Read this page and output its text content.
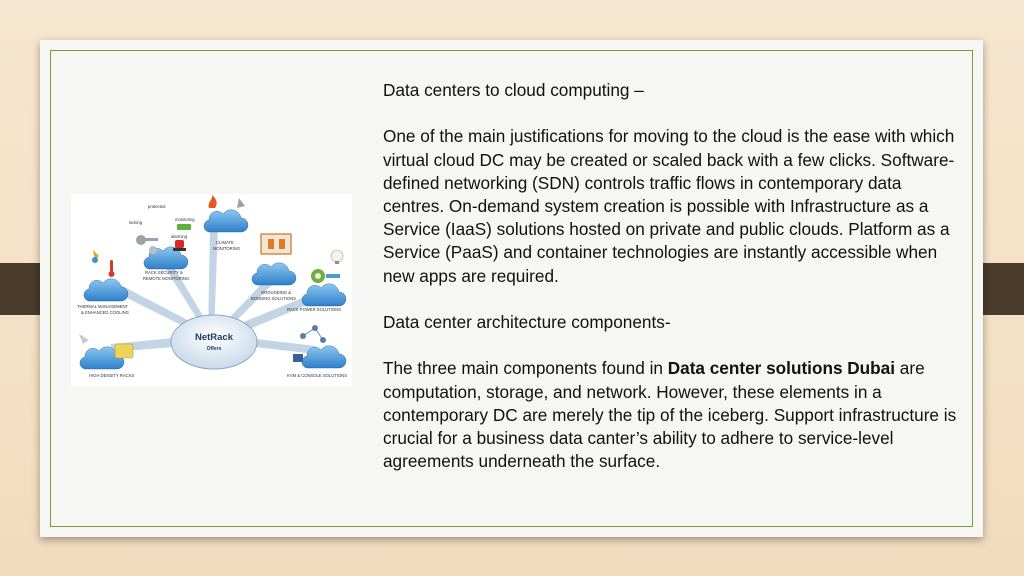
NetRack
Offers
RACK SECURITY &
REMOTE MONITORING
CLIMATE
MONITORING
GROUNDING &
BONDING SOLUTIONS
THERMAL MANAGEMENT
& ENHANCED COOLING
RACK POWER SOLUTIONS
HIGH DENSITY RACKS	KVM & CONSOLE SOLUTIONS
protected
locking
monitoring
alarming

Data centers to cloud computing –

One of the main justifications for moving to the cloud is the ease with which virtual cloud DC may be created or scaled back with a few clicks. Software-defined networking (SDN) controls traffic flows in contemporary data centres. On-demand system creation is possible with Infrastructure as a Service (IaaS) solutions hosted on private and public clouds. Platform as a Service (PaaS) and container technologies are instantly accessible when new apps are required.

Data center architecture components-

The three main components found in Data center solutions Dubai are computation, storage, and network. However, these elements in a contemporary DC are merely the tip of the iceberg. Support infrastructure is crucial for a business data canter’s ability to adhere to service-level agreements underneath the surface.
